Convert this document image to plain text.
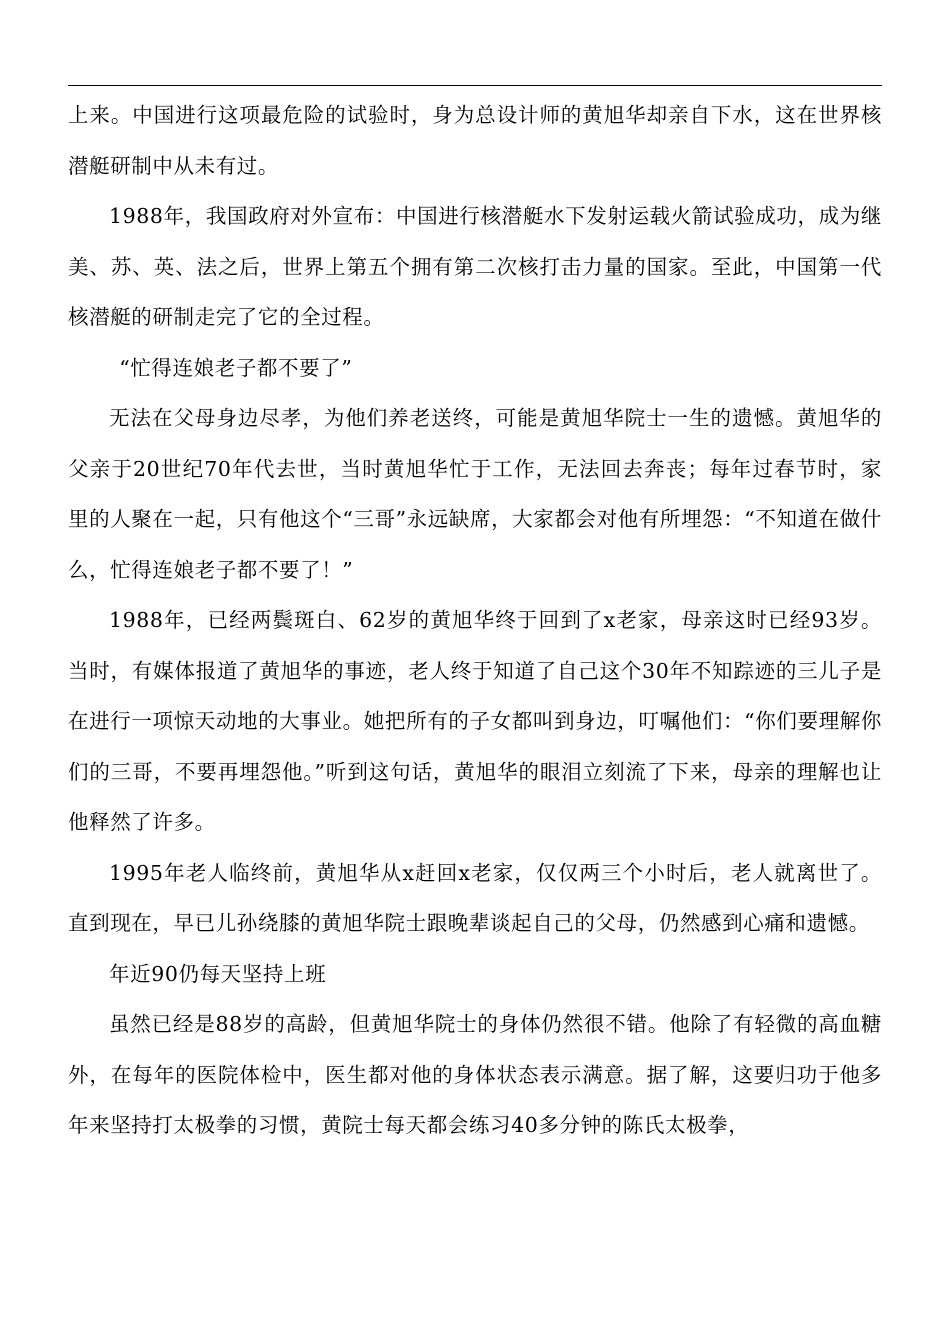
上来。中国进行这项最危险的试验时，身为总设计师的黄旭华却亲自下水，这在世界核潜艇研制中从未有过。

1988年，我国政府对外宣布：中国进行核潜艇水下发射运载火箭试验成功，成为继美、苏、英、法之后，世界上第五个拥有第二次核打击力量的国家。至此，中国第一代核潜艇的研制走完了它的全过程。

“忙得连娘老子都不要了”

无法在父母身边尽孝，为他们养老送终，可能是黄旭华院士一生的遗憾。黄旭华的父亲于20世纪70年代去世，当时黄旭华忙于工作，无法回去奔丧；每年过春节时，家里的人聚在一起，只有他这个“三哥”永远缺席，大家都会对他有所埋怨：“不知道在做什么，忙得连娘老子都不要了！”

1988年，已经两鬓斑白、62岁的黄旭华终于回到了x老家，母亲这时已经93岁。当时，有媒体报道了黄旭华的事迹，老人终于知道了自己这个30年不知踪迹的三儿子是在进行一项惊天动地的大事业。她把所有的子女都叫到身边，叮嘱他们：“你们要理解你们的三哥，不要再埋怨他。”听到这句话，黄旭华的眼泪立刻流了下来，母亲的理解也让他释然了许多。

1995年老人临终前，黄旭华从x赶回x老家，仅仅两三个小时后，老人就离世了。直到现在，早已儿孙绕膝的黄旭华院士跟晚辈谈起自己的父母，仍然感到心痛和遗憾。

年近90仍每天坚持上班

虽然已经是88岁的高龄，但黄旭华院士的身体仍然很不错。他除了有轻微的高血糖外，在每年的医院体检中，医生都对他的身体状态表示满意。据了解，这要归功于他多年来坚持打太极拳的习惯，黄院士每天都会练习40多分钟的陈氏太极拳，
